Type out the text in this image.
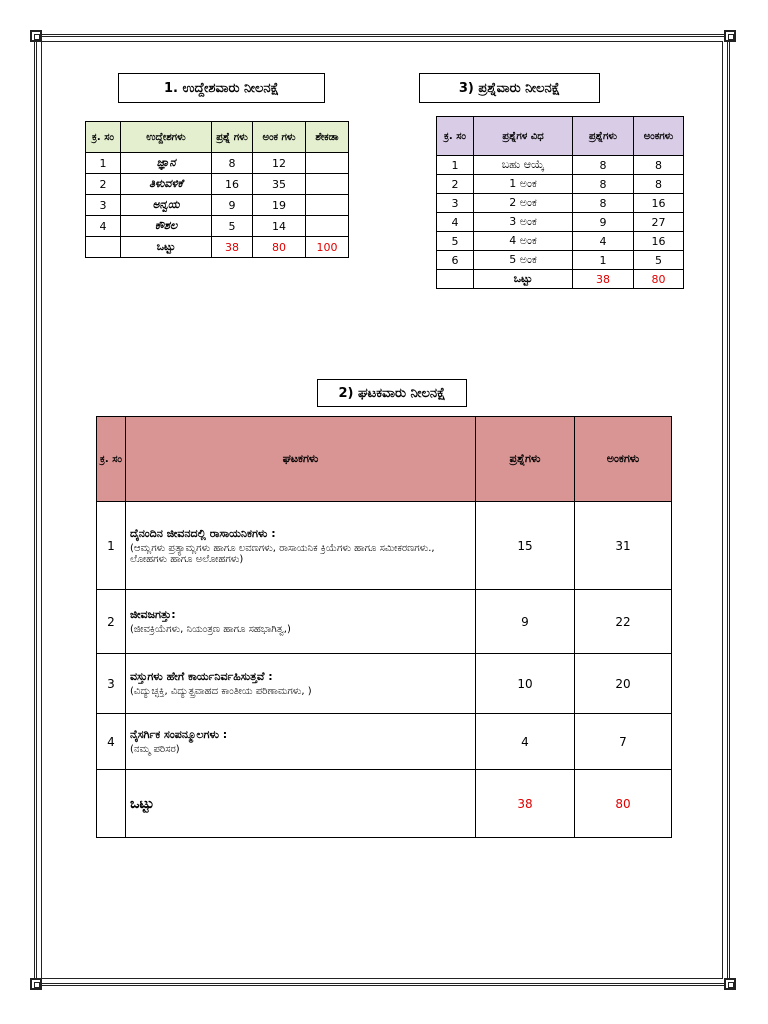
1. ಉದ್ದೇಶವಾರು ನೀಲನಕ್ಷೆ
ಕ್ರ. ಸಂ	ಉದ್ದೇಶಗಳು	ಪ್ರಶ್ನೆ ಗಳು	ಅಂಕ ಗಳು	ಶೇಕಡಾ
1	ಜ್ಞಾನ	8	12	
2	ತಿಳುವಳಿಕೆ	16	35	
3	ಅನ್ವಯ	9	19	
4	ಕೌಶಲ	5	14	
	ಒಟ್ಟು	38	80	100
3) ಪ್ರಶ್ನೆವಾರು ನೀಲನಕ್ಷೆ
ಕ್ರ. ಸಂ	ಪ್ರಶ್ನೆಗಳ ವಿಧ	ಪ್ರಶ್ನೆಗಳು	ಅಂಕಗಳು
1	ಬಹು ಆಯ್ಕೆ	8	8
2	1 ಅಂಕ	8	8
3	2 ಅಂಕ	8	16
4	3 ಅಂಕ	9	27
5	4 ಅಂಕ	4	16
6	5 ಅಂಕ	1	5
	ಒಟ್ಟು	38	80
2) ಘಟಕವಾರು ನೀಲನಕ್ಷೆ
ಕ್ರ. ಸಂ	ಘಟಕಗಳು	ಪ್ರಶ್ನೆಗಳು	ಅಂಕಗಳು
1	ದೈನಂದಿನ ಜೀವನದಲ್ಲಿ ರಾಸಾಯನಿಕಗಳು :
(ಆಮ್ಲಗಳು ಪ್ರತ್ಯಾಮ್ಲಗಳು ಹಾಗೂ ಲವಣಗಳು, ರಾಸಾಯನಿಕ ಕ್ರಿಯೆಗಳು ಹಾಗೂ ಸಮೀಕರಣಗಳು., ಲೋಹಗಳು ಹಾಗೂ ಅಲೋಹಗಳು)	15	31
2	ಜೀವಜಗತ್ತು:
(ಜೀವಕ್ರಿಯೆಗಳು, ನಿಯಂತ್ರಣ ಹಾಗೂ ಸಹಭಾಗಿತ್ವ,)	9	22
3	ವಸ್ತುಗಳು ಹೇಗೆ ಕಾರ್ಯನಿರ್ವಹಿಸುತ್ತವೆ :
(ವಿದ್ಯುಚ್ಛಕ್ತಿ, ವಿದ್ಯುತ್ಪ್ರವಾಹದ ಕಾಂತೀಯ ಪರಿಣಾಮಗಳು, )	10	20
4	ನೈಸರ್ಗಿಕ ಸಂಪನ್ಮೂಲಗಳು :
(ನಮ್ಮ ಪರಿಸರ)	4	7
	ಒಟ್ಟು	38	80
